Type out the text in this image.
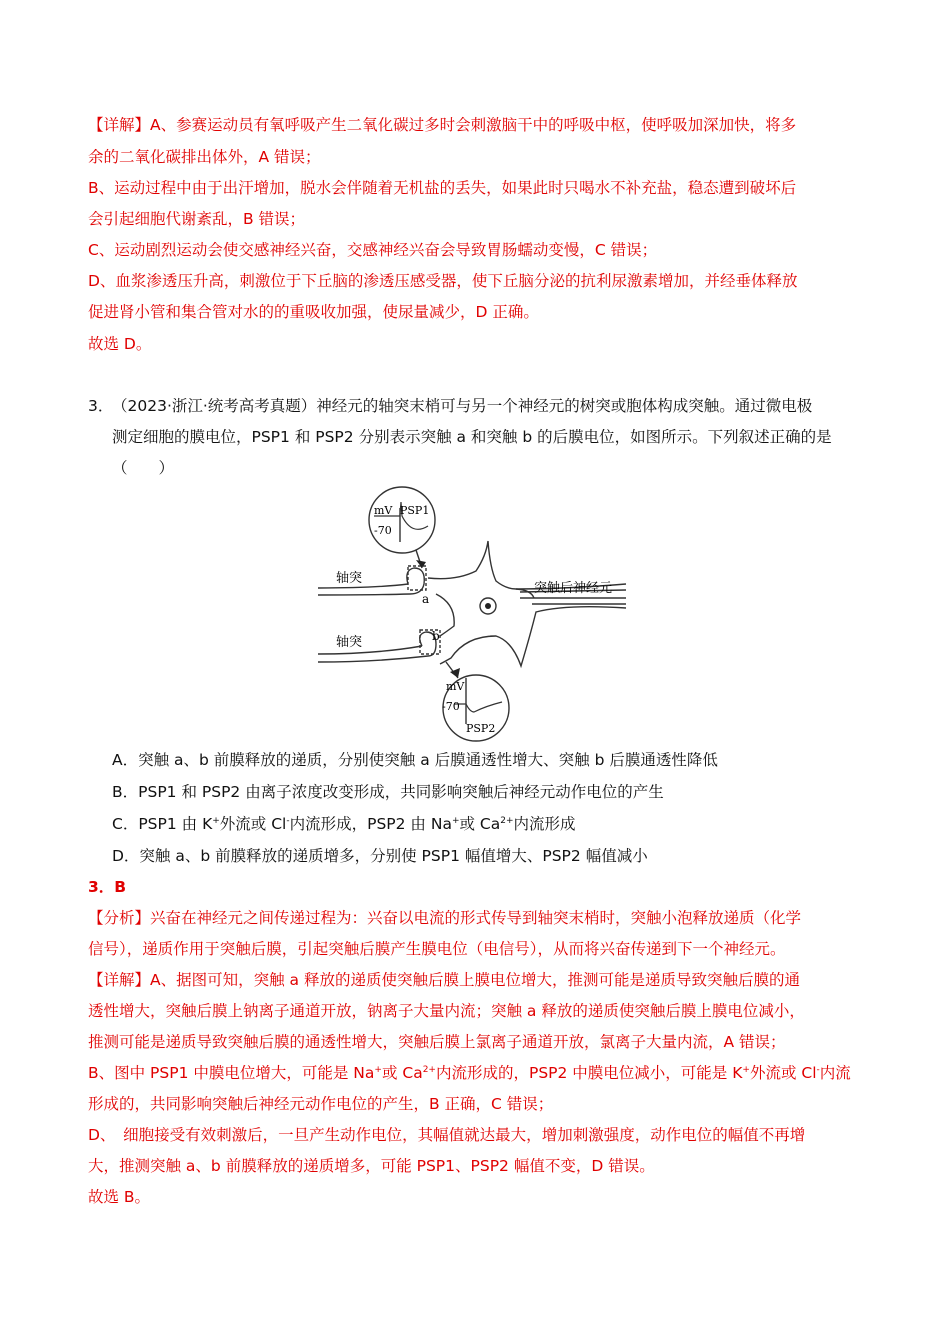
【详解】A、参赛运动员有氧呼吸产生二氧化碳过多时会刺激脑干中的呼吸中枢，使呼吸加深加快，将多
余的二氧化碳排出体外，A 错误；
B、运动过程中由于出汗增加，脱水会伴随着无机盐的丢失，如果此时只喝水不补充盐，稳态遭到破坏后
会引起细胞代谢紊乱，B 错误；
C、运动剧烈运动会使交感神经兴奋，交感神经兴奋会导致胃肠蠕动变慢，C 错误；
D、血浆渗透压升高，刺激位于下丘脑的渗透压感受器，使下丘脑分泌的抗利尿激素增加，并经垂体释放
促进肾小管和集合管对水的的重吸收加强，使尿量减少，D 正确。
故选 D。
3．
（2023·浙江·统考高考真题）神经元的轴突末梢可与另一个神经元的树突或胞体构成突触。通过微电极
测定细胞的膜电位，PSP1 和 PSP2 分别表示突触 a 和突触 b 的后膜电位，如图所示。下列叙述正确的是
（　　）
轴突
轴突
突触后神经元
a
b
PSP1
mV
-70
PSP2
mV
-70
A．突触 a、b 前膜释放的递质，分别使突触 a 后膜通透性增大、突触 b 后膜通透性降低
B．PSP1 和 PSP2 由离子浓度改变形成，共同影响突触后神经元动作电位的产生
C．PSP1 由 K+外流或 Cl-内流形成，PSP2 由 Na+或 $Ca^{2+}$内流形成
D．突触 a、b 前膜释放的递质增多，分别使 PSP1 幅值增大、PSP2 幅值减小
3．B
【分析】兴奋在神经元之间传递过程为：兴奋以电流的形式传导到轴突末梢时，突触小泡释放递质（化学
信号），递质作用于突触后膜，引起突触后膜产生膜电位（电信号），从而将兴奋传递到下一个神经元。
【详解】A、据图可知，突触 a 释放的递质使突触后膜上膜电位增大，推测可能是递质导致突触后膜的通
透性增大，突触后膜上钠离子通道开放，钠离子大量内流；突触 a 释放的递质使突触后膜上膜电位减小，
推测可能是递质导致突触后膜的通透性增大，突触后膜上氯离子通道开放，氯离子大量内流，A 错误；
B、图中 PSP1 中膜电位增大，可能是 Na+或 $Ca^{2+}$内流形成的，PSP2 中膜电位减小，可能是 K+外流或 Cl-内流
形成的，共同影响突触后神经元动作电位的产生，B 正确，C 错误；
D、　细胞接受有效刺激后，一旦产生动作电位，其幅值就达最大，增加刺激强度，动作电位的幅值不再增
大，推测突触 a、b 前膜释放的递质增多，可能 PSP1、PSP2 幅值不变，D 错误。
故选 B。
